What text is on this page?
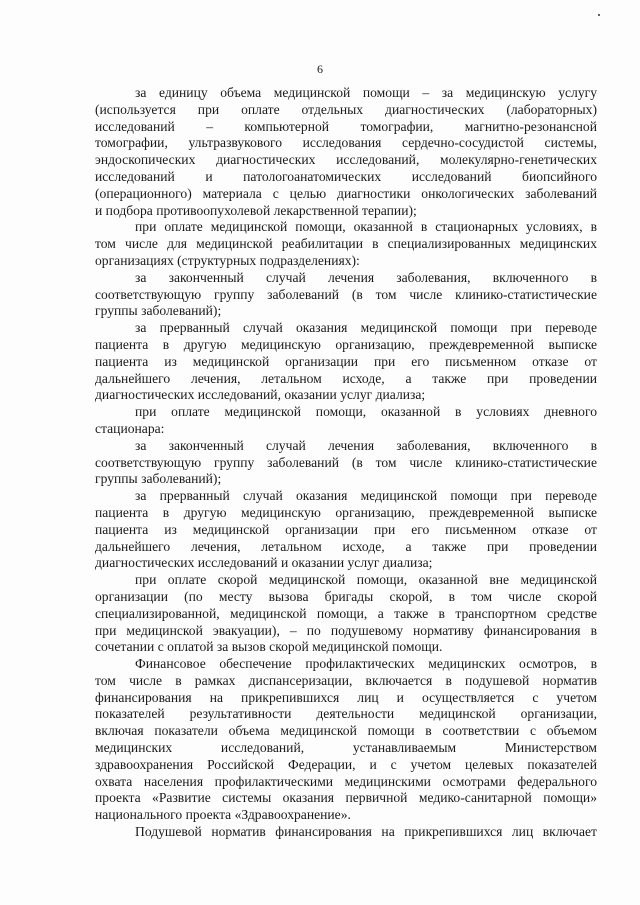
6
за единицу объема медицинской помощи – за медицинскую услугу
(используется при оплате отдельных диагностических (лабораторных)
исследований – компьютерной томографии, магнитно-резонансной
томографии, ультразвукового исследования сердечно-сосудистой системы,
эндоскопических диагностических исследований, молекулярно-генетических
исследований и патологоанатомических исследований биопсийного
(операционного) материала с целью диагностики онкологических заболеваний
и подбора противоопухолевой лекарственной терапии);
при оплате медицинской помощи, оказанной в стационарных условиях, в
том числе для медицинской реабилитации в специализированных медицинских
организациях (структурных подразделениях):
за законченный случай лечения заболевания, включенного в
соответствующую группу заболеваний (в том числе клинико-статистические
группы заболеваний);
за прерванный случай оказания медицинской помощи при переводе
пациента в другую медицинскую организацию, преждевременной выписке
пациента из медицинской организации при его письменном отказе от
дальнейшего лечения, летальном исходе, а также при проведении
диагностических исследований, оказании услуг диализа;
при оплате медицинской помощи, оказанной в условиях дневного
стационара:
за законченный случай лечения заболевания, включенного в
соответствующую группу заболеваний (в том числе клинико-статистические
группы заболеваний);
за прерванный случай оказания медицинской помощи при переводе
пациента в другую медицинскую организацию, преждевременной выписке
пациента из медицинской организации при его письменном отказе от
дальнейшего лечения, летальном исходе, а также при проведении
диагностических исследований и оказании услуг диализа;
при оплате скорой медицинской помощи, оказанной вне медицинской
организации (по месту вызова бригады скорой, в том числе скорой
специализированной, медицинской помощи, а также в транспортном средстве
при медицинской эвакуации), – по подушевому нормативу финансирования в
сочетании с оплатой за вызов скорой медицинской помощи.
Финансовое обеспечение профилактических медицинских осмотров, в
том числе в рамках диспансеризации, включается в подушевой норматив
финансирования на прикрепившихся лиц и осуществляется с учетом
показателей результативности деятельности медицинской организации,
включая показатели объема медицинской помощи в соответствии с объемом
медицинских исследований, устанавливаемым Министерством
здравоохранения Российской Федерации, и с учетом целевых показателей
охвата населения профилактическими медицинскими осмотрами федерального
проекта «Развитие системы оказания первичной медико-санитарной помощи»
национального проекта «Здравоохранение».
Подушевой норматив финансирования на прикрепившихся лиц включает
